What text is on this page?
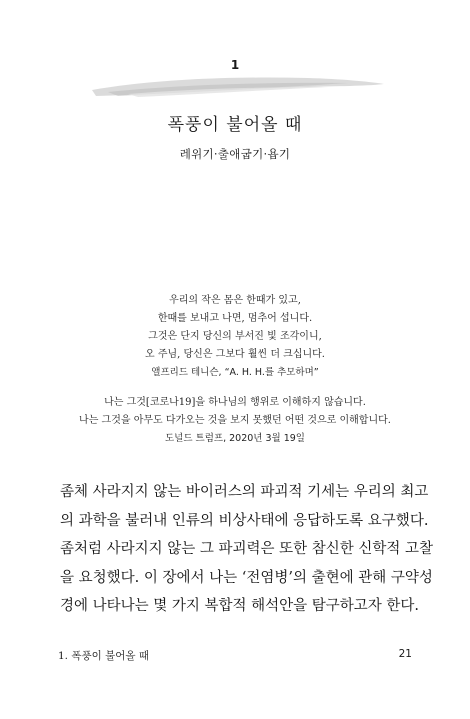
1
폭풍이 불어올 때
레위기·출애굽기·욥기
우리의 작은 몸은 한때가 있고,
한때를 보내고 나면, 멈추어 섭니다.
그것은 단지 당신의 부서진 빛 조각이니,
오 주님, 당신은 그보다 훨씬 더 크십니다.
앨프리드 테니슨, “A. H. H.를 추모하며”
나는 그것[코로나19]을 하나님의 행위로 이해하지 않습니다.
나는 그것을 아무도 다가오는 것을 보지 못했던 어떤 것으로 이해합니다.
도널드 트럼프, 2020년 3월 19일
좀체 사라지지 않는 바이러스의 파괴적 기세는 우리의 최고
의 과학을 불러내 인류의 비상사태에 응답하도록 요구했다.
좀처럼 사라지지 않는 그 파괴력은 또한 참신한 신학적 고찰
을 요청했다. 이 장에서 나는 ‘전염병’의 출현에 관해 구약성
경에 나타나는 몇 가지 복합적 해석안을 탐구하고자 한다.
1. 폭풍이 불어올 때	21
